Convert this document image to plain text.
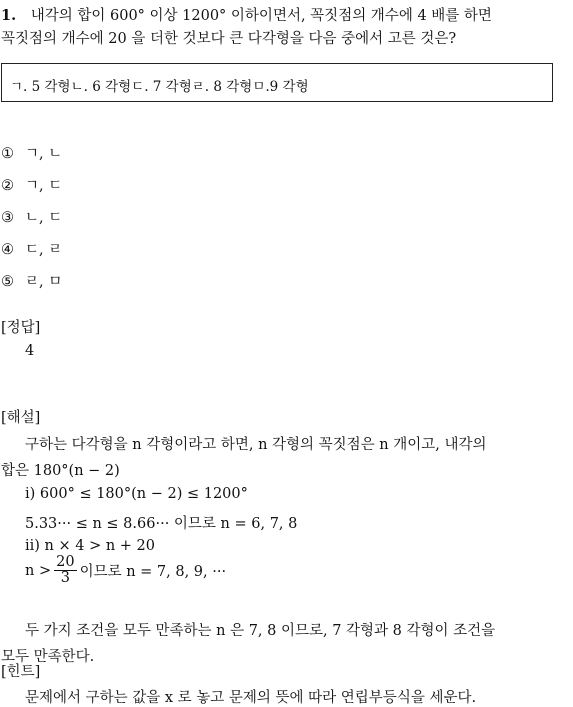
1. 내각의 합이 600° 이상 1200° 이하이면서, 꼭짓점의 개수에 4 배를 하면
꼭짓점의 개수에 20 을 더한 것보다 큰 다각형을 다음 중에서 고른 것은?
ㄱ. 5 각형ㄴ. 6 각형ㄷ. 7 각형ㄹ. 8 각형ㅁ.9 각형
① ㄱ, ㄴ
② ㄱ, ㄷ
③ ㄴ, ㄷ
④ ㄷ, ㄹ
⑤ ㄹ, ㅁ
[정답]
4
[해설]
구하는 다각형을 n 각형이라고 하면, n 각형의 꼭짓점은 n 개이고, 내각의
합은 180°(n − 2)
i) 600° ≤ 180°(n − 2) ≤ 1200°
5.33··· ≤ n ≤ 8.66··· 이므로 n = 6, 7, 8
ii) n × 4 > n + 20
$n > \frac{20}{3}$ 이므로 n = 7, 8, 9, ···
두 가지 조건을 모두 만족하는 n 은 7, 8 이므로, 7 각형과 8 각형이 조건을
모두 만족한다.
[힌트]
문제에서 구하는 값을 x 로 놓고 문제의 뜻에 따라 연립부등식을 세운다.
